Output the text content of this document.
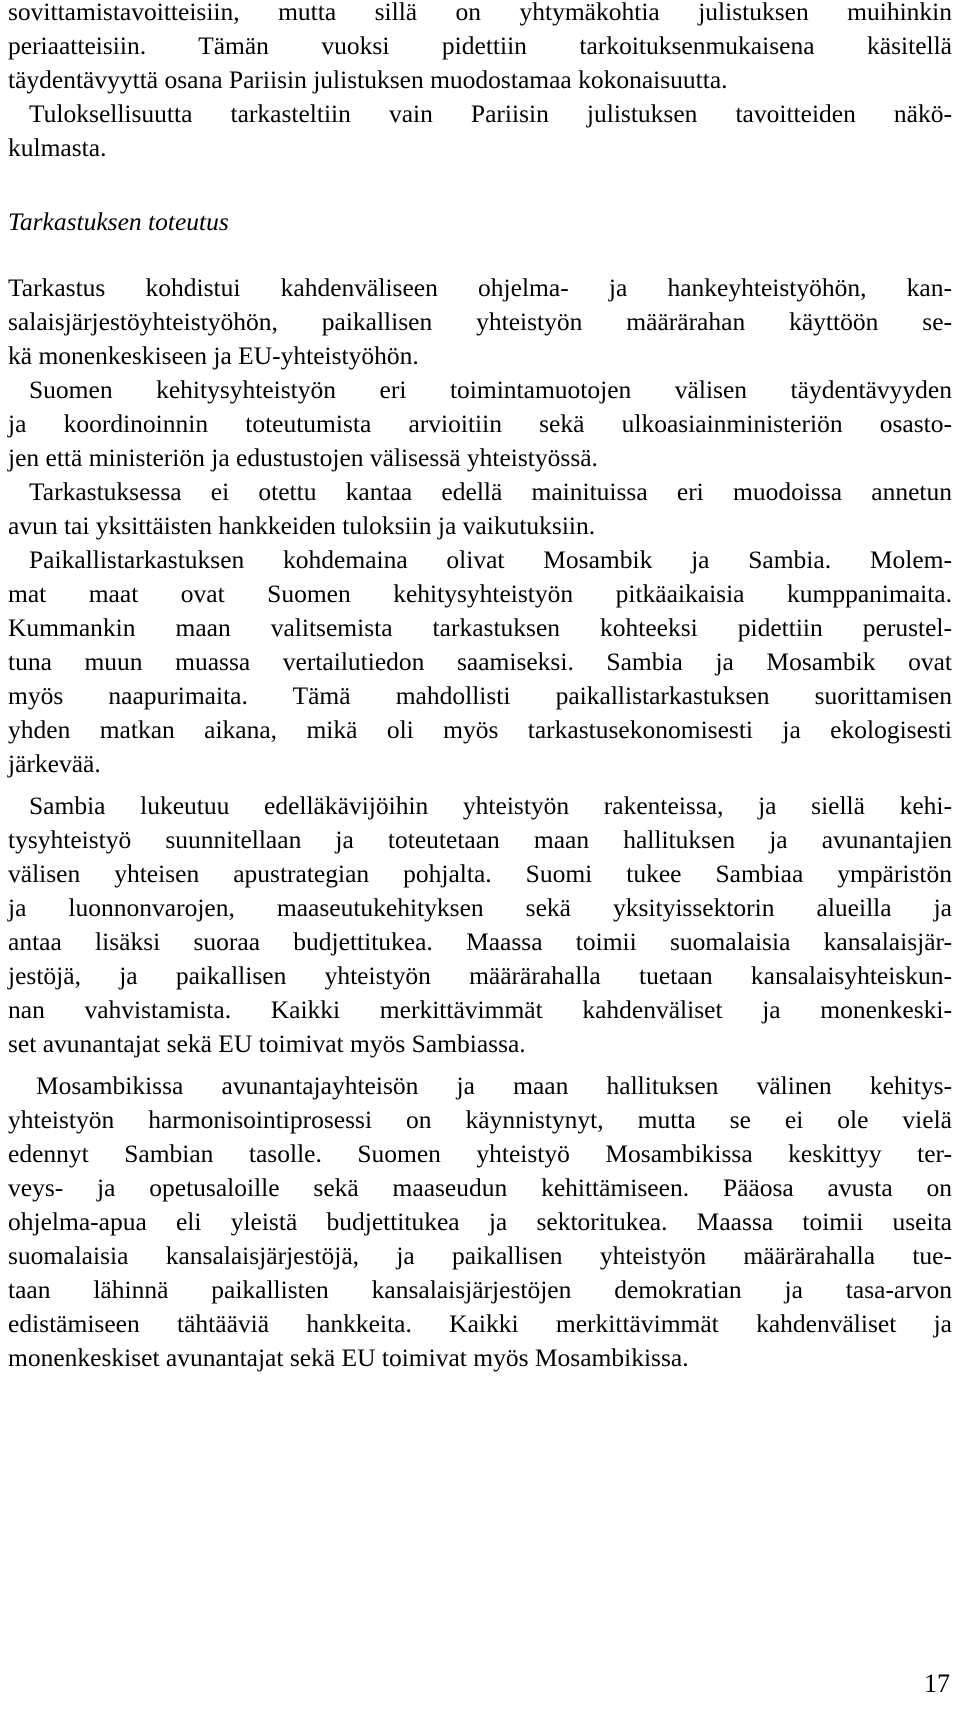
sovittamistavoitteisiin, mutta sillä on yhtymäkohtia julistuksen muihinkin
periaatteisiin. Tämän vuoksi pidettiin tarkoituksenmukaisena käsitellä
täydentävyyttä osana Pariisin julistuksen muodostamaa kokonaisuutta.
Tuloksellisuutta tarkasteltiin vain Pariisin julistuksen tavoitteiden näkö-
kulmasta.
Tarkastuksen toteutus
Tarkastus kohdistui kahdenväliseen ohjelma- ja hankeyhteistyöhön, kan-
salaisjärjestöyhteistyöhön, paikallisen yhteistyön määrärahan käyttöön se-
kä monenkeskiseen ja EU-yhteistyöhön.
Suomen kehitysyhteistyön eri toimintamuotojen välisen täydentävyyden
ja koordinoinnin toteutumista arvioitiin sekä ulkoasiainministeriön osasto-
jen että ministeriön ja edustustojen välisessä yhteistyössä.
Tarkastuksessa ei otettu kantaa edellä mainituissa eri muodoissa annetun
avun tai yksittäisten hankkeiden tuloksiin ja vaikutuksiin.
Paikallistarkastuksen kohdemaina olivat Mosambik ja Sambia. Molem-
mat maat ovat Suomen kehitysyhteistyön pitkäaikaisia kumppanimaita.
Kummankin maan valitsemista tarkastuksen kohteeksi pidettiin perustel-
tuna muun muassa vertailutiedon saamiseksi. Sambia ja Mosambik ovat
myös naapurimaita. Tämä mahdollisti paikallistarkastuksen suorittamisen
yhden matkan aikana, mikä oli myös tarkastusekonomisesti ja ekologisesti
järkevää.
Sambia lukeutuu edelläkävijöihin yhteistyön rakenteissa, ja siellä kehi-
tysyhteistyö suunnitellaan ja toteutetaan maan hallituksen ja avunantajien
välisen yhteisen apustrategian pohjalta. Suomi tukee Sambiaa ympäristön
ja luonnonvarojen, maaseutukehityksen sekä yksityissektorin alueilla ja
antaa lisäksi suoraa budjettitukea. Maassa toimii suomalaisia kansalaisjär-
jestöjä, ja paikallisen yhteistyön määrärahalla tuetaan kansalaisyhteiskun-
nan vahvistamista. Kaikki merkittävimmät kahdenväliset ja monenkeski-
set avunantajat sekä EU toimivat myös Sambiassa.
Mosambikissa avunantajayhteisön ja maan hallituksen välinen kehitys-
yhteistyön harmonisointiprosessi on käynnistynyt, mutta se ei ole vielä
edennyt Sambian tasolle. Suomen yhteistyö Mosambikissa keskittyy ter-
veys- ja opetusaloille sekä maaseudun kehittämiseen. Pääosa avusta on
ohjelma-apua eli yleistä budjettitukea ja sektoritukea. Maassa toimii useita
suomalaisia kansalaisjärjestöjä, ja paikallisen yhteistyön määrärahalla tue-
taan lähinnä paikallisten kansalaisjärjestöjen demokratian ja tasa-arvon
edistämiseen tähtääviä hankkeita. Kaikki merkittävimmät kahdenväliset ja
monenkeskiset avunantajat sekä EU toimivat myös Mosambikissa.
17
